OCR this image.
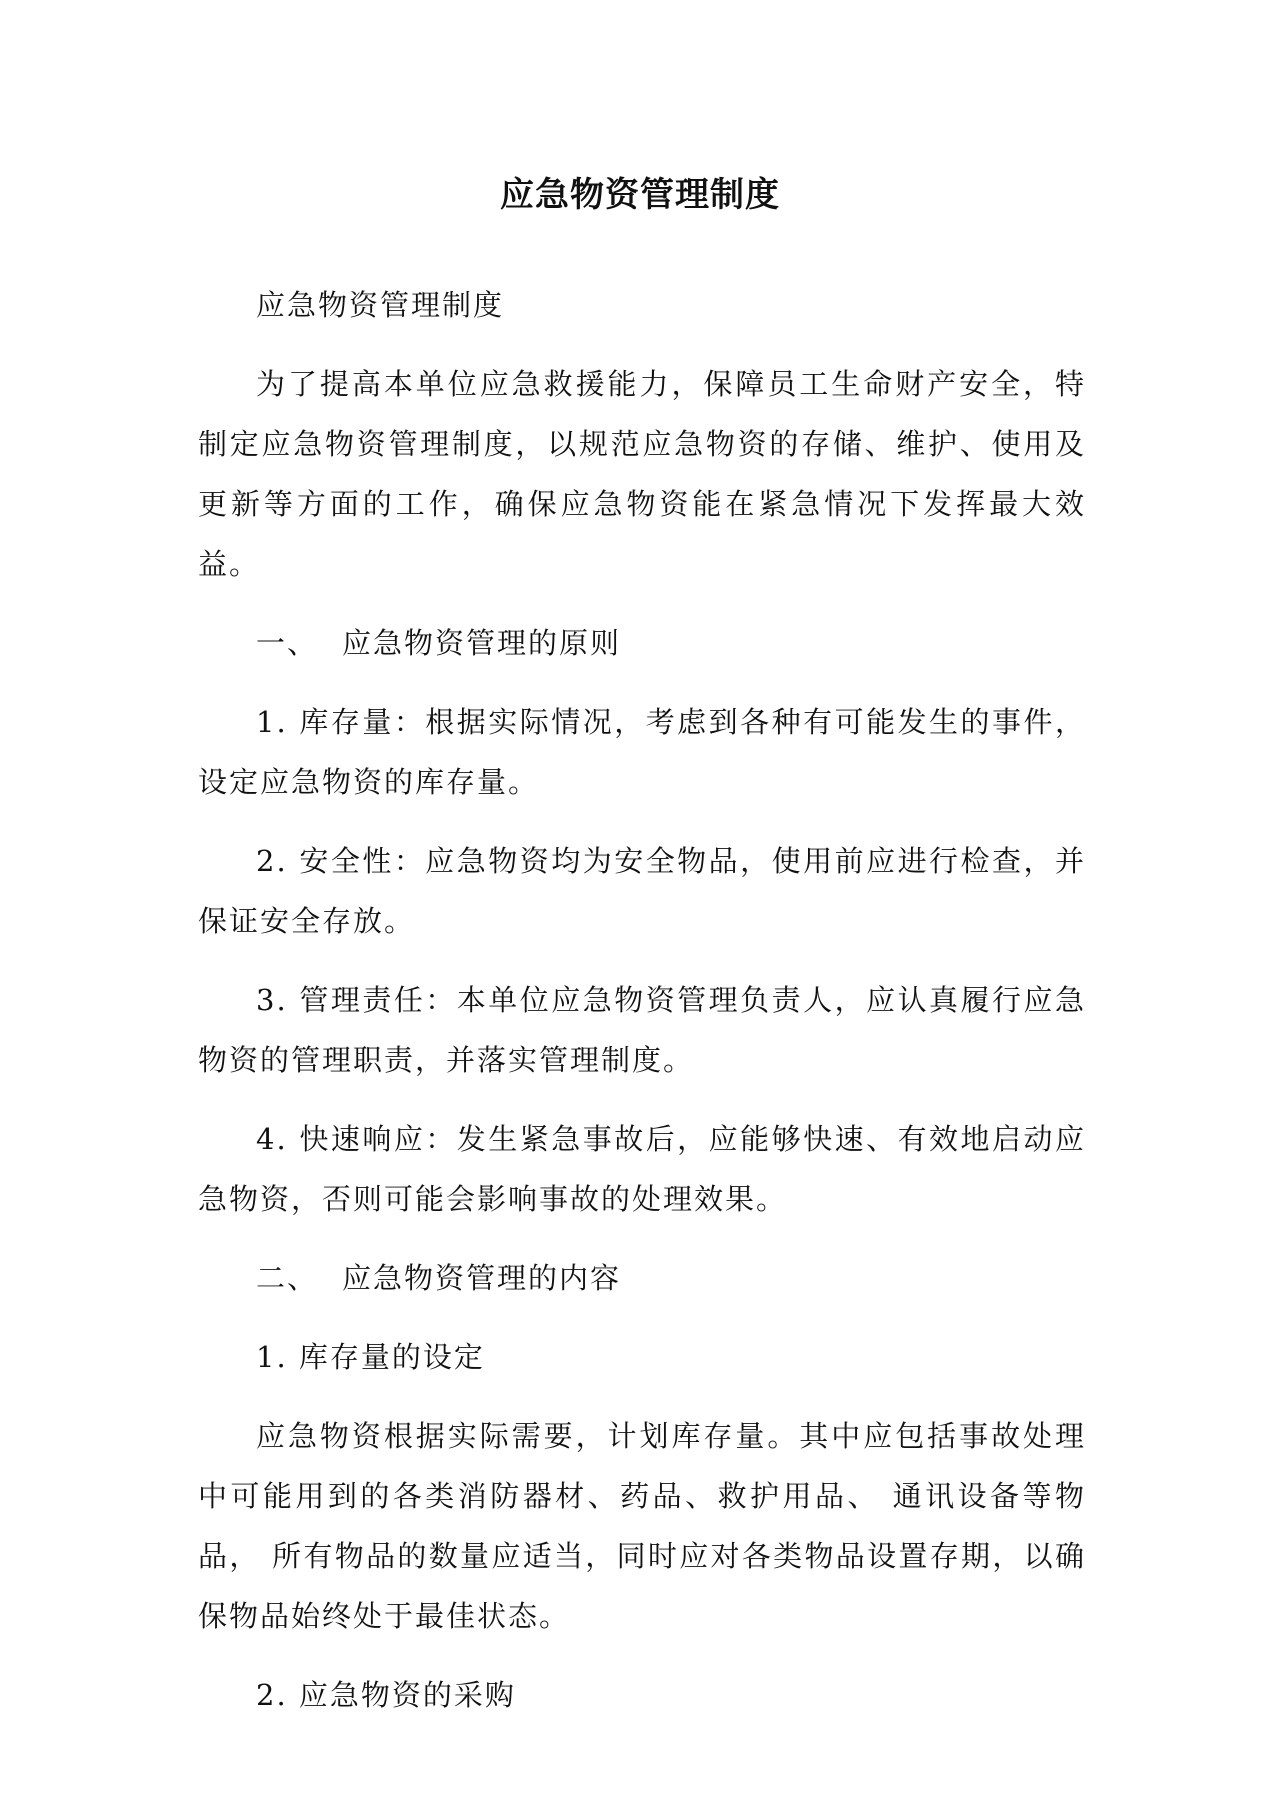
应急物资管理制度

应急物资管理制度

为了提高本单位应急救援能力，保障员工生命财产安全，特制定应急物资管理制度，以规范应急物资的存储、维护、使用及更新等方面的工作，确保应急物资能在紧急情况下发挥最大效益。

一、 应急物资管理的原则

1. 库存量：根据实际情况，考虑到各种有可能发生的事件，设定应急物资的库存量。

2. 安全性：应急物资均为安全物品，使用前应进行检查，并保证安全存放。

3. 管理责任：本单位应急物资管理负责人，应认真履行应急物资的管理职责，并落实管理制度。

4. 快速响应：发生紧急事故后，应能够快速、有效地启动应急物资，否则可能会影响事故的处理效果。

二、 应急物资管理的内容

1. 库存量的设定

应急物资根据实际需要，计划库存量。其中应包括事故处理中可能用到的各类消防器材、药品、救护用品、 通讯设备等物品， 所有物品的数量应适当，同时应对各类物品设置存期，以确保物品始终处于最佳状态。

2. 应急物资的采购
